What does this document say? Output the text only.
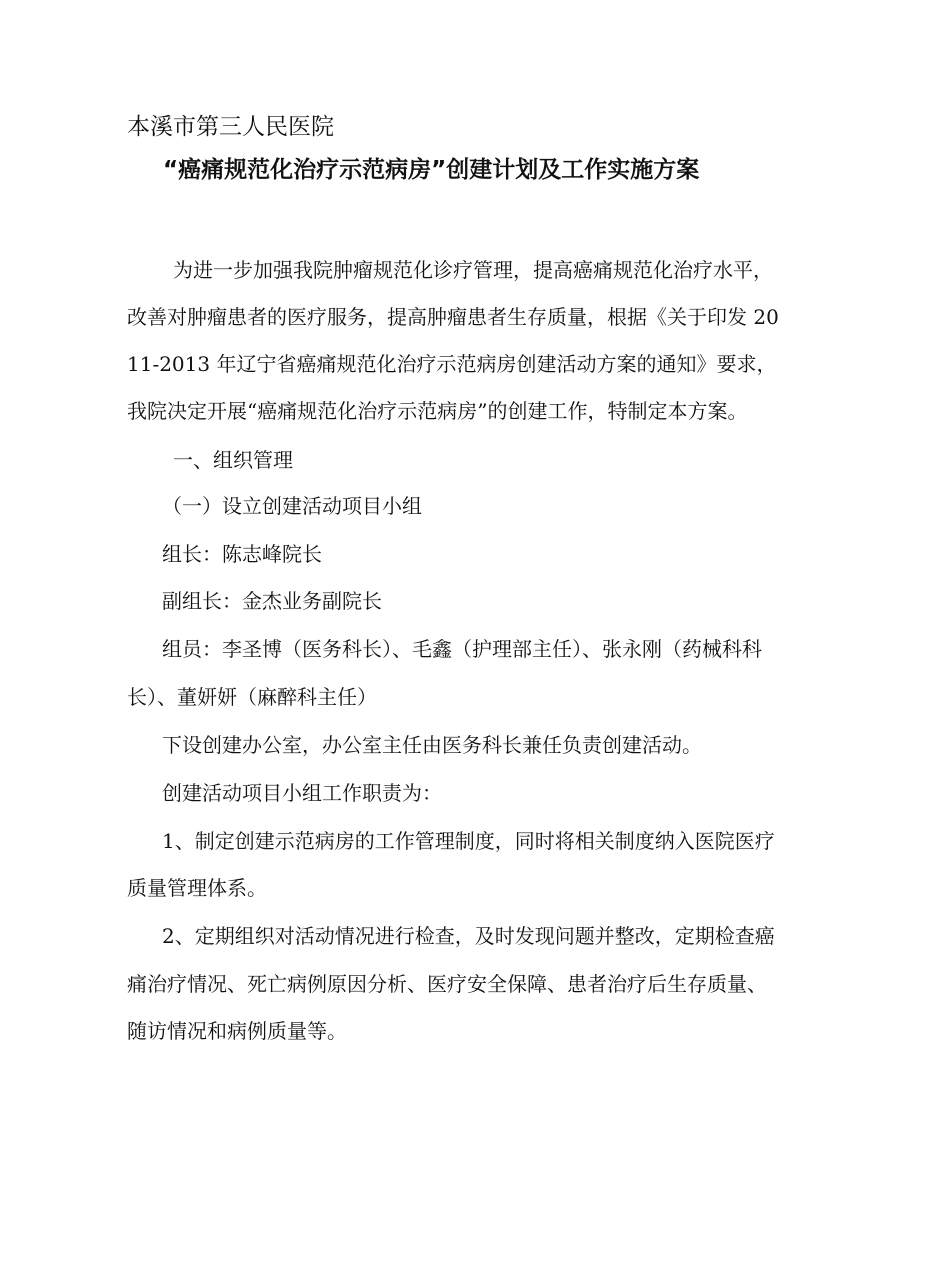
本溪市第三人民医院
“癌痛规范化治疗示范病房”创建计划及工作实施方案
为进一步加强我院肿瘤规范化诊疗管理，提高癌痛规范化治疗水平，
改善对肿瘤患者的医疗服务，提高肿瘤患者生存质量，根据《关于印发 20
11-2013 年辽宁省癌痛规范化治疗示范病房创建活动方案的通知》要求，
我院决定开展“癌痛规范化治疗示范病房”的创建工作，特制定本方案。
一、组织管理
（一）设立创建活动项目小组
组长：陈志峰院长
副组长：金杰业务副院长
组员：李圣博（医务科长）、毛鑫（护理部主任）、张永刚（药械科科
长）、董妍妍（麻醉科主任）
下设创建办公室，办公室主任由医务科长兼任负责创建活动。
创建活动项目小组工作职责为：
1、制定创建示范病房的工作管理制度，同时将相关制度纳入医院医疗
质量管理体系。
2、定期组织对活动情况进行检查，及时发现问题并整改，定期检查癌
痛治疗情况、死亡病例原因分析、医疗安全保障、患者治疗后生存质量、
随访情况和病例质量等。
